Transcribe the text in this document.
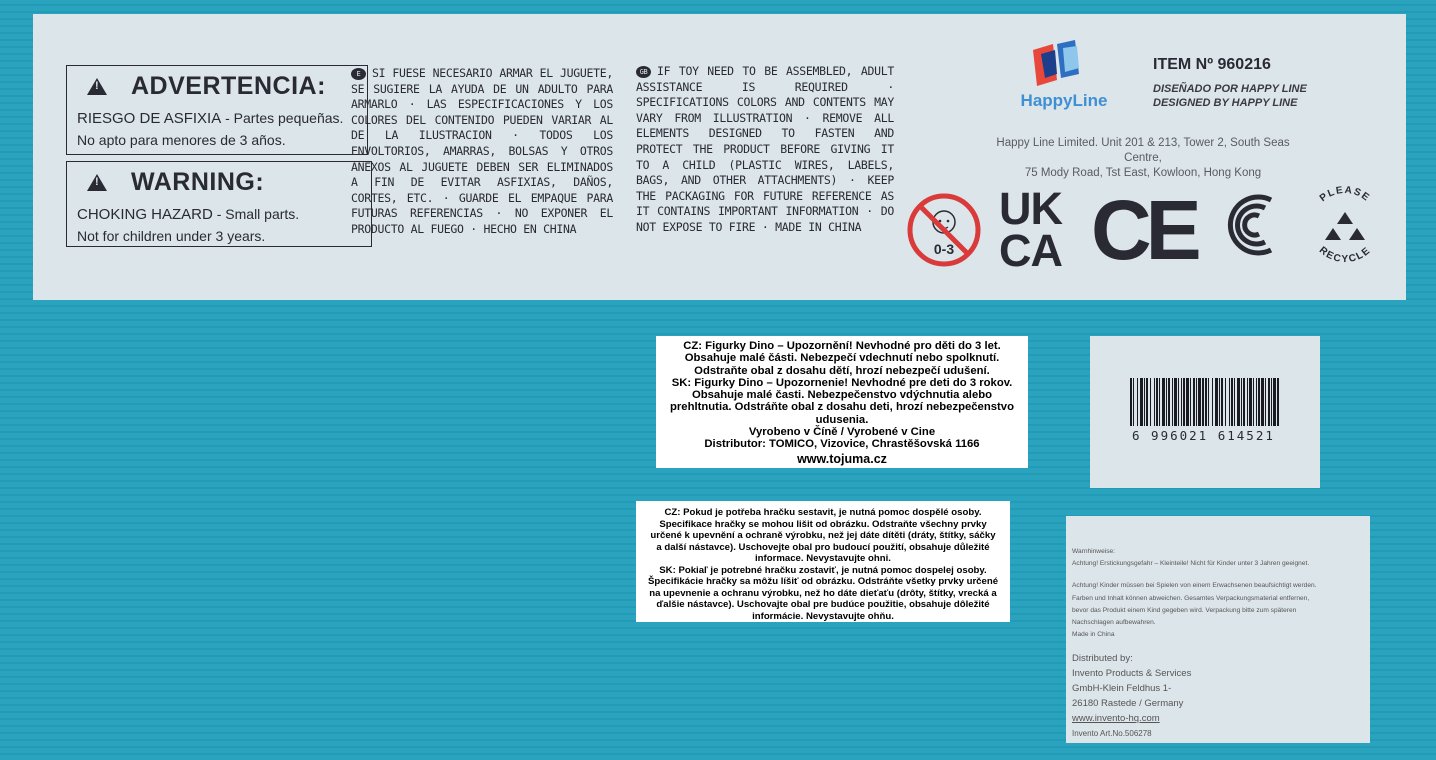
!
ADVERTENCIA:
RIESGO DE ASFIXIA - Partes pequeñas.
No apto para menores de 3 años.
!
WARNING:
CHOKING HAZARD - Small parts.
Not for children under 3 years.
E SI FUESE NECESARIO ARMAR EL JUGUETE, SE SUGIERE LA AYUDA DE UN ADULTO PARA ARMARLO · LAS ESPECIFICACIONES Y LOS COLORES DEL CONTENIDO PUEDEN VARIAR AL DE LA ILUSTRACION · TODOS LOS ENVOLTORIOS, AMARRAS, BOLSAS Y OTROS ANEXOS AL JUGUETE DEBEN SER ELIMINADOS A FIN DE EVITAR ASFIXIAS, DAÑOS, CORTES, ETC. · GUARDE EL EMPAQUE PARA FUTURAS REFERENCIAS · NO EXPONER EL PRODUCTO AL FUEGO · HECHO EN CHINA
GB IF TOY NEED TO BE ASSEMBLED, ADULT ASSISTANCE IS REQUIRED · SPECIFICATIONS COLORS AND CONTENTS MAY VARY FROM ILLUSTRATION · REMOVE ALL ELEMENTS DESIGNED TO FASTEN AND PROTECT THE PRODUCT BEFORE GIVING IT TO A CHILD (PLASTIC WIRES, LABELS, BAGS, AND OTHER ATTACHMENTS) · KEEP THE PACKAGING FOR FUTURE REFERENCE AS IT CONTAINS IMPORTANT INFORMATION · DO NOT EXPOSE TO FIRE · MADE IN CHINA
HappyLine
ITEM Nº 960216
DISEÑADO POR HAPPY LINE
DESIGNED BY HAPPY LINE
Happy Line Limited. Unit 201 & 213, Tower 2, South Seas Centre,
75 Mody Road, Tst East, Kowloon, Hong Kong
0-3
UK
CA CE	PLEASE
RECYCLE
CZ: Figurky Dino – Upozornění! Nevhodné pro děti do 3 let.
Obsahuje malé části. Nebezpečí vdechnutí nebo spolknutí.
Odstraňte obal z dosahu dětí, hrozí nebezpečí udušení.
SK: Figurky Dino – Upozornenie! Nevhodné pre deti do 3 rokov.
Obsahuje malé časti. Nebezpečenstvo vdýchnutia alebo
prehltnutia. Odstráňte obal z dosahu deti, hrozí nebezpečenstvo
udusenia.
Vyrobeno v Číně / Vyrobené v Cine
Distributor: TOMICO, Vizovice, Chrastěšovská 1166
www.tojuma.cz
CZ: Pokud je potřeba hračku sestavit, je nutná pomoc dospělé osoby.
Specifikace hračky se mohou lišit od obrázku. Odstraňte všechny prvky
určené k upevnění a ochraně výrobku, než jej dáte dítěti (dráty, štítky, sáčky
a další nástavce). Uschovejte obal pro budoucí použití, obsahuje důležité
informace. Nevystavujte ohni.
SK: Pokiaľ je potrebné hračku zostaviť, je nutná pomoc dospelej osoby.
Špecifikácie hračky sa môžu líšiť od obrázku. Odstráňte všetky prvky určené
na upevnenie a ochranu výrobku, než ho dáte dieťaťu (drôty, štítky, vrecká a
ďalšie nástavce). Uschovajte obal pre budúce použitie, obsahuje dôležité
informácie. Nevystavujte ohňu.
6 996021 614521
Warnhinweise:
Achtung! Erstickungsgefahr – Kleinteile! Nicht für Kinder unter 3 Jahren geeignet.
Achtung! Kinder müssen bei Spielen von einem Erwachsenen beaufsichtigt werden.
Farben und Inhalt können abweichen. Gesamtes Verpackungsmaterial entfernen,
bevor das Produkt einem Kind gegeben wird. Verpackung bitte zum späteren
Nachschlagen aufbewahren.
Made in China
Distributed by:
Invento Products & Services
GmbH-Klein Feldhus 1-
26180 Rastede / Germany
www.invento-hq.com
Invento Art.No.506278
